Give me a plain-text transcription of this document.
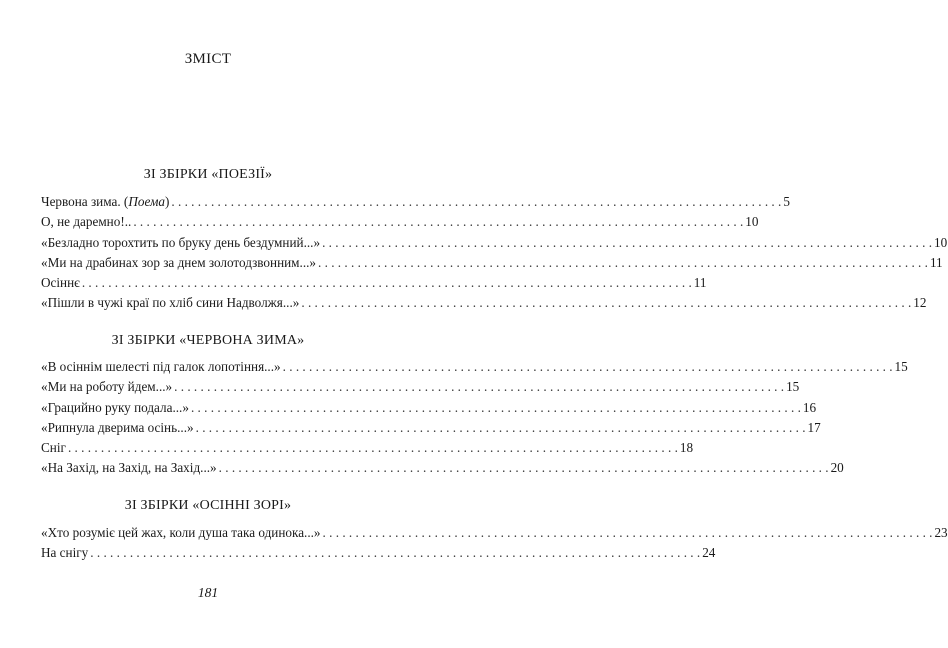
ЗМІСТ
ЗІ ЗБІРКИ «ПОЕЗІЇ»
Червона зима. (Поема) . . .	5
О, не даремно!.. . . .	10
«Безладно торохтить по бруку день бездумний...» . . .	10
«Ми на драбинах зор за днем золотодзвонним...» . . .	11
Осіннє . . .	11
«Пішли в чужі краї по хліб сини Надволжя...» . . .	12
ЗІ ЗБІРКИ «ЧЕРВОНА ЗИМА»
«В осіннім шелесті під галок лопотіння...» . . .	15
«Ми на роботу йдем...» . . .	15
«Грацийно руку подала...» . . .	16
«Рипнула дверима осінь...» . . .	17
Сніг . . .	18
«На Захід, на Захід, на Захід...» . . .	20
ЗІ ЗБІРКИ «ОСІННІ ЗОРІ»
«Хто розуміє цей жах, коли душа така одинока...» . . .	23
На снігу . . .	24
181
